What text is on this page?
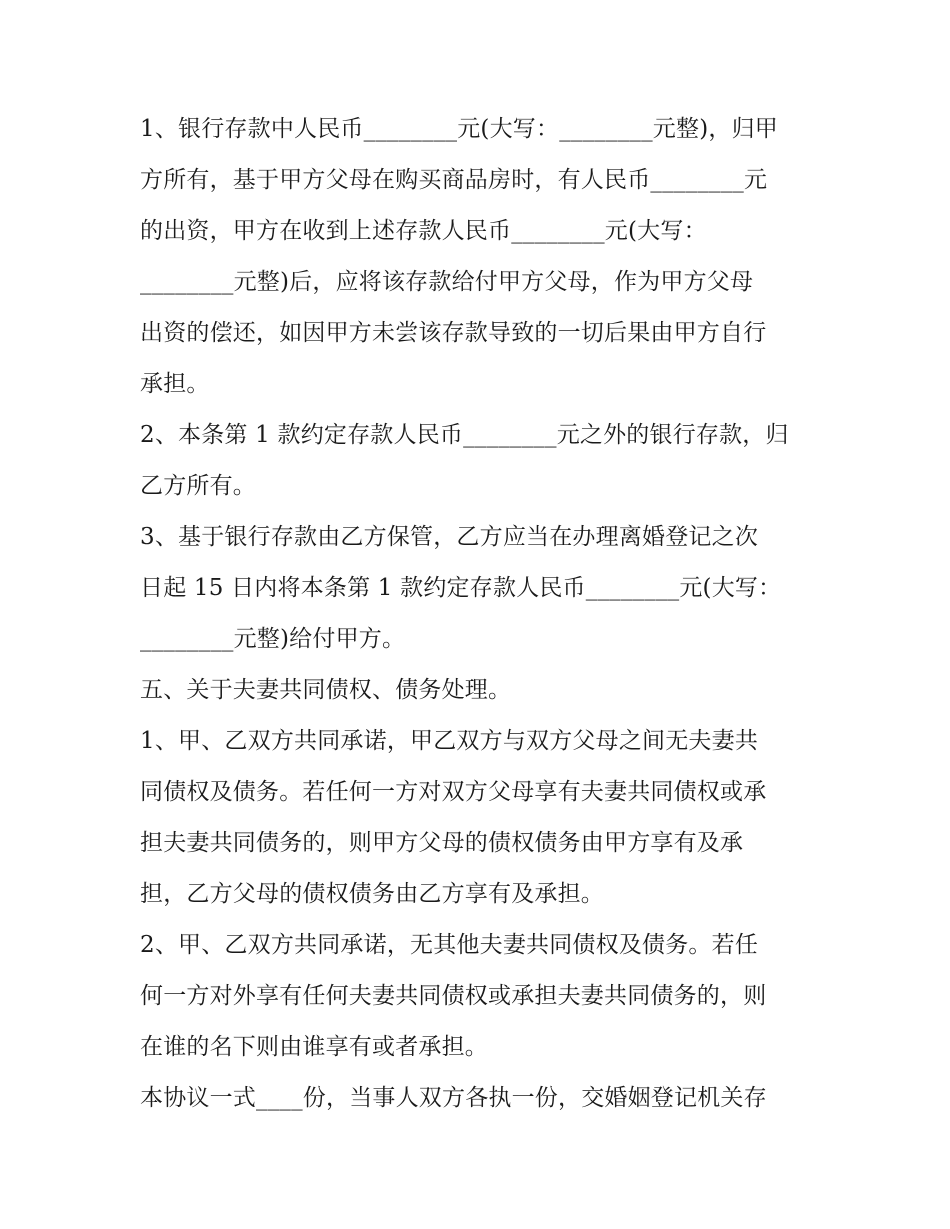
1、银行存款中人民币________元(大写：________元整)，归甲
方所有，基于甲方父母在购买商品房时，有人民币________元
的出资，甲方在收到上述存款人民币________元(大写：
________元整)后，应将该存款给付甲方父母，作为甲方父母
出资的偿还，如因甲方未尝该存款导致的一切后果由甲方自行
承担。
2、本条第 1 款约定存款人民币________元之外的银行存款，归
乙方所有。
3、基于银行存款由乙方保管，乙方应当在办理离婚登记之次
日起 15 日内将本条第 1 款约定存款人民币________元(大写：
________元整)给付甲方。
五、关于夫妻共同债权、债务处理。
1、甲、乙双方共同承诺，甲乙双方与双方父母之间无夫妻共
同债权及债务。若任何一方对双方父母享有夫妻共同债权或承
担夫妻共同债务的，则甲方父母的债权债务由甲方享有及承
担，乙方父母的债权债务由乙方享有及承担。
2、甲、乙双方共同承诺，无其他夫妻共同债权及债务。若任
何一方对外享有任何夫妻共同债权或承担夫妻共同债务的，则
在谁的名下则由谁享有或者承担。
本协议一式____份，当事人双方各执一份，交婚姻登记机关存
